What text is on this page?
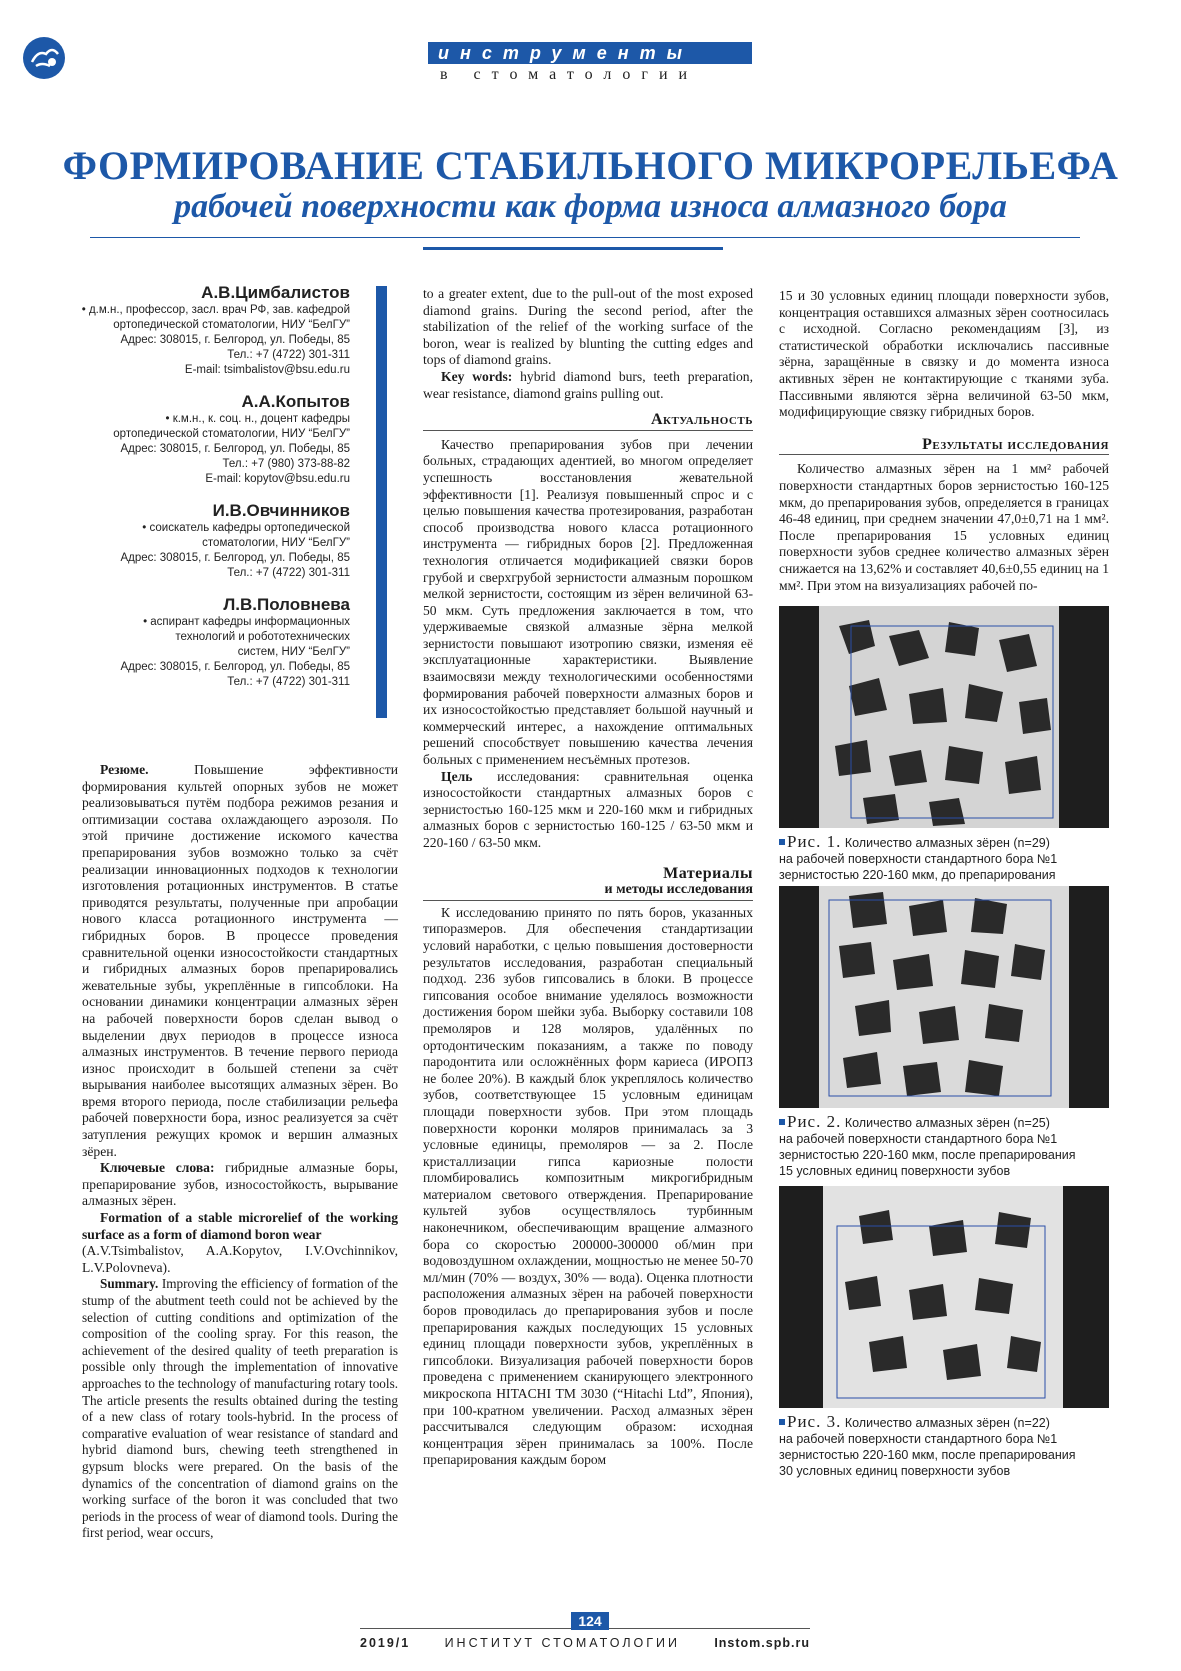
инструменты
в стоматологии
ФОРМИРОВАНИЕ СТАБИЛЬНОГО МИКРОРЕЛЬЕФА
рабочей поверхности как форма износа алмазного бора
А.В.Цимбалистов
• д.м.н., профессор, засл. врач РФ, зав. кафедрой
ортопедической стоматологии, НИУ “БелГУ”
Адрес: 308015, г. Белгород, ул. Победы, 85
Тел.: +7 (4722) 301-311
E-mail: tsimbalistov@bsu.edu.ru
А.А.Копытов
• к.м.н., к. соц. н., доцент кафедры
ортопедической стоматологии, НИУ “БелГУ”
Адрес: 308015, г. Белгород, ул. Победы, 85
Тел.: +7 (980) 373-88-82
E-mail: kopytov@bsu.edu.ru
И.В.Овчинников
• соискатель кафедры ортопедической
стоматологии, НИУ “БелГУ”
Адрес: 308015, г. Белгород, ул. Победы, 85
Тел.: +7 (4722) 301-311
Л.В.Половнева
• аспирант кафедры информационных
технологий и робототехнических
систем, НИУ “БелГУ”
Адрес: 308015, г. Белгород, ул. Победы, 85
Тел.: +7 (4722) 301-311

Резюме.	Повышение эффективности формирования культей опорных зубов не может реализовываться путём подбора режимов резания и оптимизации состава охлаждающего аэрозоля. По этой причине достижение искомого качества препарирования зубов возможно только за счёт реализации инновационных подходов к технологии изготовления ротационных инструментов. В статье приводятся результаты, полученные при апробации нового класса ротационного инструмента — гибридных боров. В процессе проведения сравнительной оценки износостойкости стандартных и гибридных алмазных боров препарировались жевательные зубы, укреплённые в гипсоблоки. На основании динамики концентрации алмазных зёрен на рабочей поверхности боров сделан вывод о выделении двух периодов в процессе износа алмазных инструментов. В течение первого периода износ происходит в большей степени за счёт вырывания наиболее высотящих алмазных зёрен. Во время второго периода, после стабилизации рельефа рабочей поверхности бора, износ реализуется за счёт затупления режущих кромок и вершин алмазных зёрен.

Ключевые слова: гибридные алмазные боры, препарирование зубов, износостойкость, вырывание алмазных зёрен.

Formation of a stable microrelief of the working surface as a form of diamond boron wear

(A.V.Tsimbalistov, A.A.Kopytov, I.V.Ovchinnikov, L.V.Polovneva).

Summary. Improving the efficiency of formation of the stump of the abutment teeth could not be achieved by the selection of cutting conditions and optimization of the composition of the cooling spray. For this reason, the achievement of the desired quality of teeth preparation is possible only through the implementation of innovative approaches to the technology of manufacturing rotary tools. The article presents the results obtained during the testing of a new class of rotary tools-hybrid. In the process of comparative evaluation of wear resistance of standard and hybrid diamond burs, chewing teeth strengthened in gypsum blocks were prepared. On the basis of the dynamics of the concentration of diamond grains on the working surface of the boron it was concluded that two periods in the process of wear of diamond tools. During the first period, wear occurs,

to a greater extent, due to the pull-out of the most exposed diamond grains. During the second period, after the stabilization of the relief of the working surface of the boron, wear is realized by blunting the cutting edges and tops of diamond grains.

Key words: hybrid diamond burs, teeth preparation, wear resistance, diamond grains pulling out.

Актуальность

Качество препарирования зубов при лечении больных, страдающих адентией, во многом определяет успешность восстановления жевательной эффективности [1]. Реализуя повышенный спрос и с целью повышения качества протезирования, разработан способ производства нового класса ротационного инструмента — гибридных боров [2]. Предложенная технология отличается модификацией связки боров грубой и сверхгрубой зернистости алмазным порошком мелкой зернистости, состоящим из зёрен величиной 63-50 мкм. Суть предложения заключается в том, что удерживаемые связкой алмазные зёрна мелкой зернистости повышают изотропию связки, изменяя её эксплуатационные характеристики. Выявление взаимосвязи между технологическими особенностями формирования рабочей поверхности алмазных боров и их износостойкостью представляет большой научный и коммерческий интерес, а нахождение оптимальных решений способствует повышению качества лечения больных с применением несъёмных протезов.

Цель исследования: сравнительная оценка износостойкости стандартных алмазных боров с зернистостью 160-125 мкм и 220-160 мкм и гибридных алмазных боров с зернистостью 160-125 / 63-50 мкм и 220-160 / 63-50 мкм.

Материалы
и методы исследования

К исследованию принято по пять боров, указанных типоразмеров. Для обеспечения стандартизации условий наработки, с целью повышения достоверности результатов исследования, разработан специальный подход. 236 зубов гипсовались в блоки. В процессе гипсования особое внимание уделялось возможности достижения бором шейки зуба. Выборку составили 108 премоляров и 128 моляров, удалённых по ортодонтическим показаниям, а также по поводу пародонтита или осложнённых форм кариеса (ИРОПЗ не более 20%). В каждый блок укреплялось количество зубов, соответствующее 15 условным единицам площади поверхности зубов. При этом площадь поверхности коронки моляров принималась за 3 условные единицы, премоляров — за 2. После кристаллизации гипса кариозные полости пломбировались композитным микрогибридным материалом светового отверждения. Препарирование культей зубов осуществлялось турбинным наконечником, обеспечивающим вращение алмазного бора со скоростью 200000-300000 об/мин при водовоздушном охлаждении, мощностью не менее 50-70 мл/мин (70% — воздух, 30% — вода). Оценка плотности расположения алмазных зёрен на рабочей поверхности боров проводилась до препарирования зубов и после препарирования каждых последующих 15 условных единиц площади поверхности зубов, укреплённых в гипсоблоки. Визуализация рабочей поверхности боров проведена с применением сканирующего электронного микроскопа HITACHI TM 3030 (“Hitachi Ltd”, Япония), при 100-кратном увеличении. Расход алмазных зёрен рассчитывался следующим образом: исходная концентрация зёрен принималась за 100%. После препарирования каждым бором

15 и 30 условных единиц площади поверхности зубов, концентрация оставшихся алмазных зёрен соотносилась с исходной. Согласно рекомендациям [3], из статистической обработки исключались пассивные зёрна, заращённые в связку и до момента износа активных зёрен не контактирующие с тканями зуба. Пассивными являются зёрна величиной 63-50 мкм, модифицирующие связку гибридных боров.

Результаты исследования

Количество алмазных зёрен на 1 мм² рабочей поверхности стандартных боров зернистостью 160-125 мкм, до препарирования зубов, определяется в границах 46-48 единиц, при среднем значении 47,0±0,71 на 1 мм². После препарирования 15 условных единиц поверхности зубов среднее количество алмазных зёрен снижается на 13,62% и составляет 40,6±0,55 единиц на 1 мм². При этом на визуализациях рабочей по-

Рис. 1. Количество алмазных зёрен (n=29)
на рабочей поверхности стандартного бора №1
зернистостью 220-160 мкм, до препарирования
Рис. 2. Количество алмазных зёрен (n=25)
на рабочей поверхности стандартного бора №1
зернистостью 220-160 мкм, после препарирования
15 условных единиц поверхности зубов
Рис. 3. Количество алмазных зёрен (n=22)
на рабочей поверхности стандартного бора №1
зернистостью 220-160 мкм, после препарирования
30 условных единиц поверхности зубов
124
2019/1	ИНСТИТУТ СТОМАТОЛОГИИ	Instom.spb.ru
